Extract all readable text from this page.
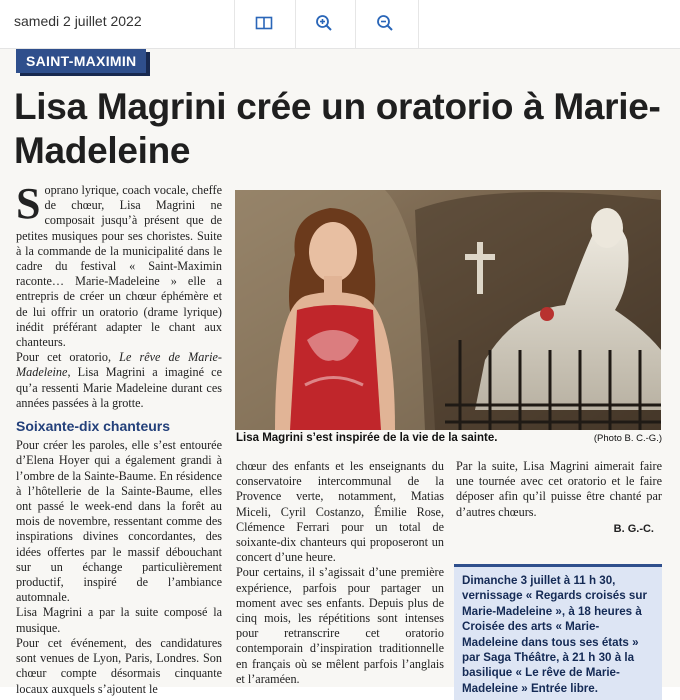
samedi 2 juillet 2022
SAINT-MAXIMIN
Lisa Magrini crée un oratorio à Marie-Madeleine

Soprano lyrique, coach vocale, cheffe de chœur, Lisa Magrini ne composait jusqu’à présent que de petites musiques pour ses choristes. Suite à la commande de la municipalité dans le cadre du festival « Saint-Maximin raconte… Marie-Madeleine » elle a entrepris de créer un chœur éphémère et de lui offrir un oratorio (drame lyrique) inédit préférant adapter le chant aux chanteurs.

Pour cet oratorio, Le rêve de Marie-Madeleine, Lisa Magrini a imaginé ce qu’a ressenti Marie Madeleine durant ces années passées à la grotte.

Soixante-dix chanteurs

Pour créer les paroles, elle s’est entourée d’Elena Hoyer qui a également grandi à l’ombre de la Sainte-Baume. En résidence à l’hôtellerie de la Sainte-Baume, elles ont passé le week-end dans la forêt au mois de novembre, ressentant comme des inspirations divines concordantes, des idées offertes par le massif débouchant sur un échange particulièrement productif, inspiré de l’ambiance automnale.

Lisa Magrini a par la suite composé la musique.

Pour cet événement, des candidatures sont venues de Lyon, Paris, Londres. Son chœur compte désormais cinquante locaux auxquels s’ajoutent le

Lisa Magrini s’est inspirée de la vie de la sainte.	(Photo B. C.-G.)

chœur des enfants et les enseignants du conservatoire intercommunal de la Provence verte, notamment, Matias Miceli, Cyril Costanzo, Émilie Rose, Clémence Ferrari pour un total de soixante-dix chanteurs qui proposeront un concert d’une heure.

Pour certains, il s’agissait d’une première expérience, parfois pour partager un moment avec ses enfants. Depuis plus de cinq mois, les répétitions sont intenses pour retranscrire cet oratorio contemporain d’inspiration traditionnelle en français où se mêlent parfois l’anglais et l’araméen.

Par la suite, Lisa Magrini aimerait faire une tournée avec cet oratorio et le faire déposer afin qu’il puisse être chanté par d’autres chœurs.

B. G.-C.
Dimanche 3 juillet à 11 h 30, vernissage « Regards croisés sur Marie-Madeleine », à 18 heures à Croisée des arts « Marie-Madeleine dans tous ses états » par Saga Théâtre, à 21 h 30 à la basilique « Le rêve de Marie-Madeleine » Entrée libre.
